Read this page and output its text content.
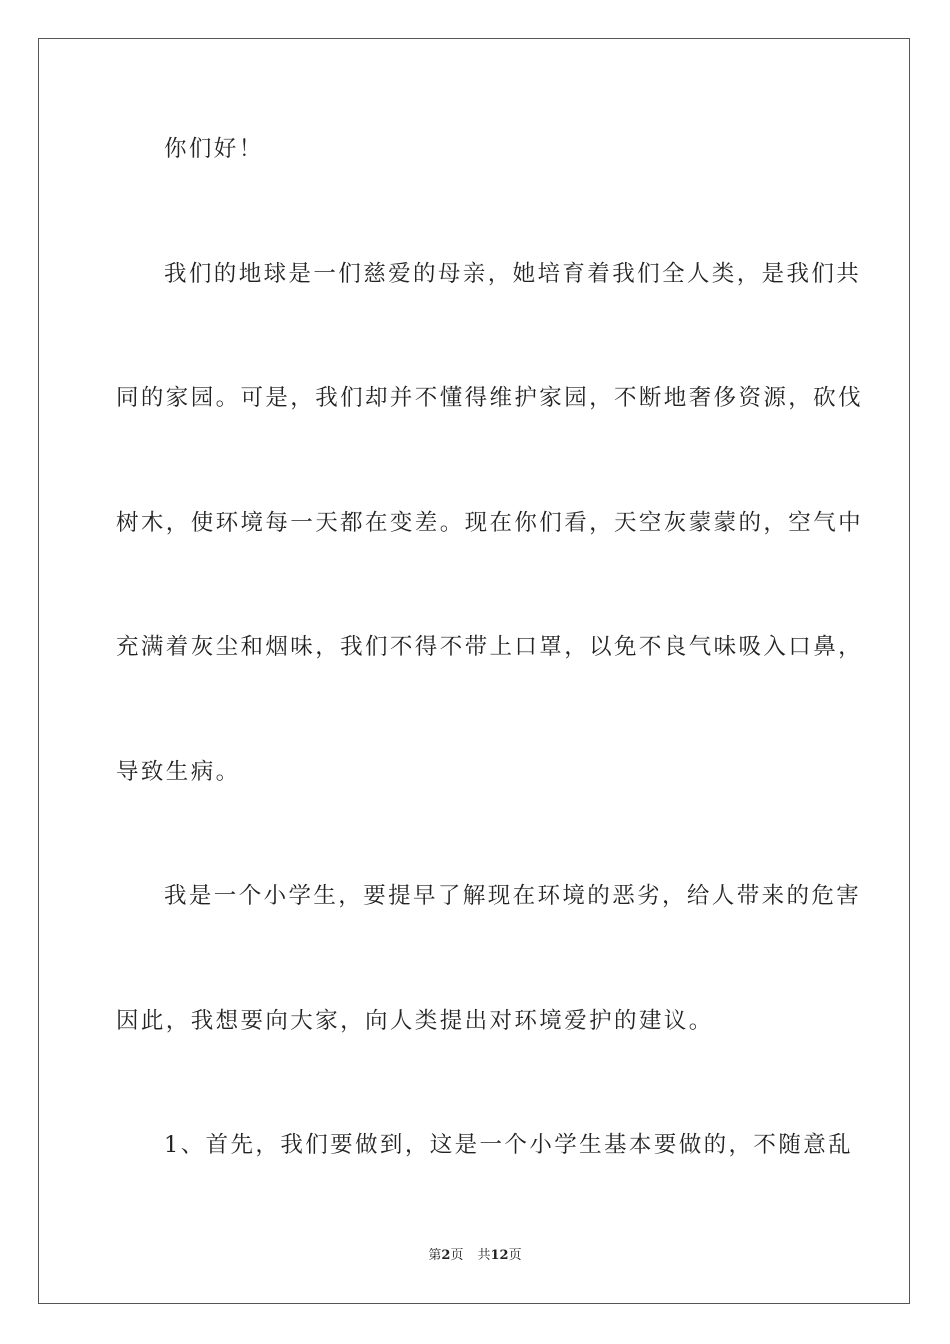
你们好！
我们的地球是一们慈爱的母亲，她培育着我们全人类，是我们共
同的家园。可是，我们却并不懂得维护家园，不断地奢侈资源，砍伐
树木，使环境每一天都在变差。现在你们看，天空灰蒙蒙的，空气中
充满着灰尘和烟味，我们不得不带上口罩，以免不良气味吸入口鼻，
导致生病。
我是一个小学生，要提早了解现在环境的恶劣，给人带来的危害
因此，我想要向大家，向人类提出对环境爱护的建议。
1、首先，我们要做到，这是一个小学生基本要做的，不随意乱
第2页 共12页
